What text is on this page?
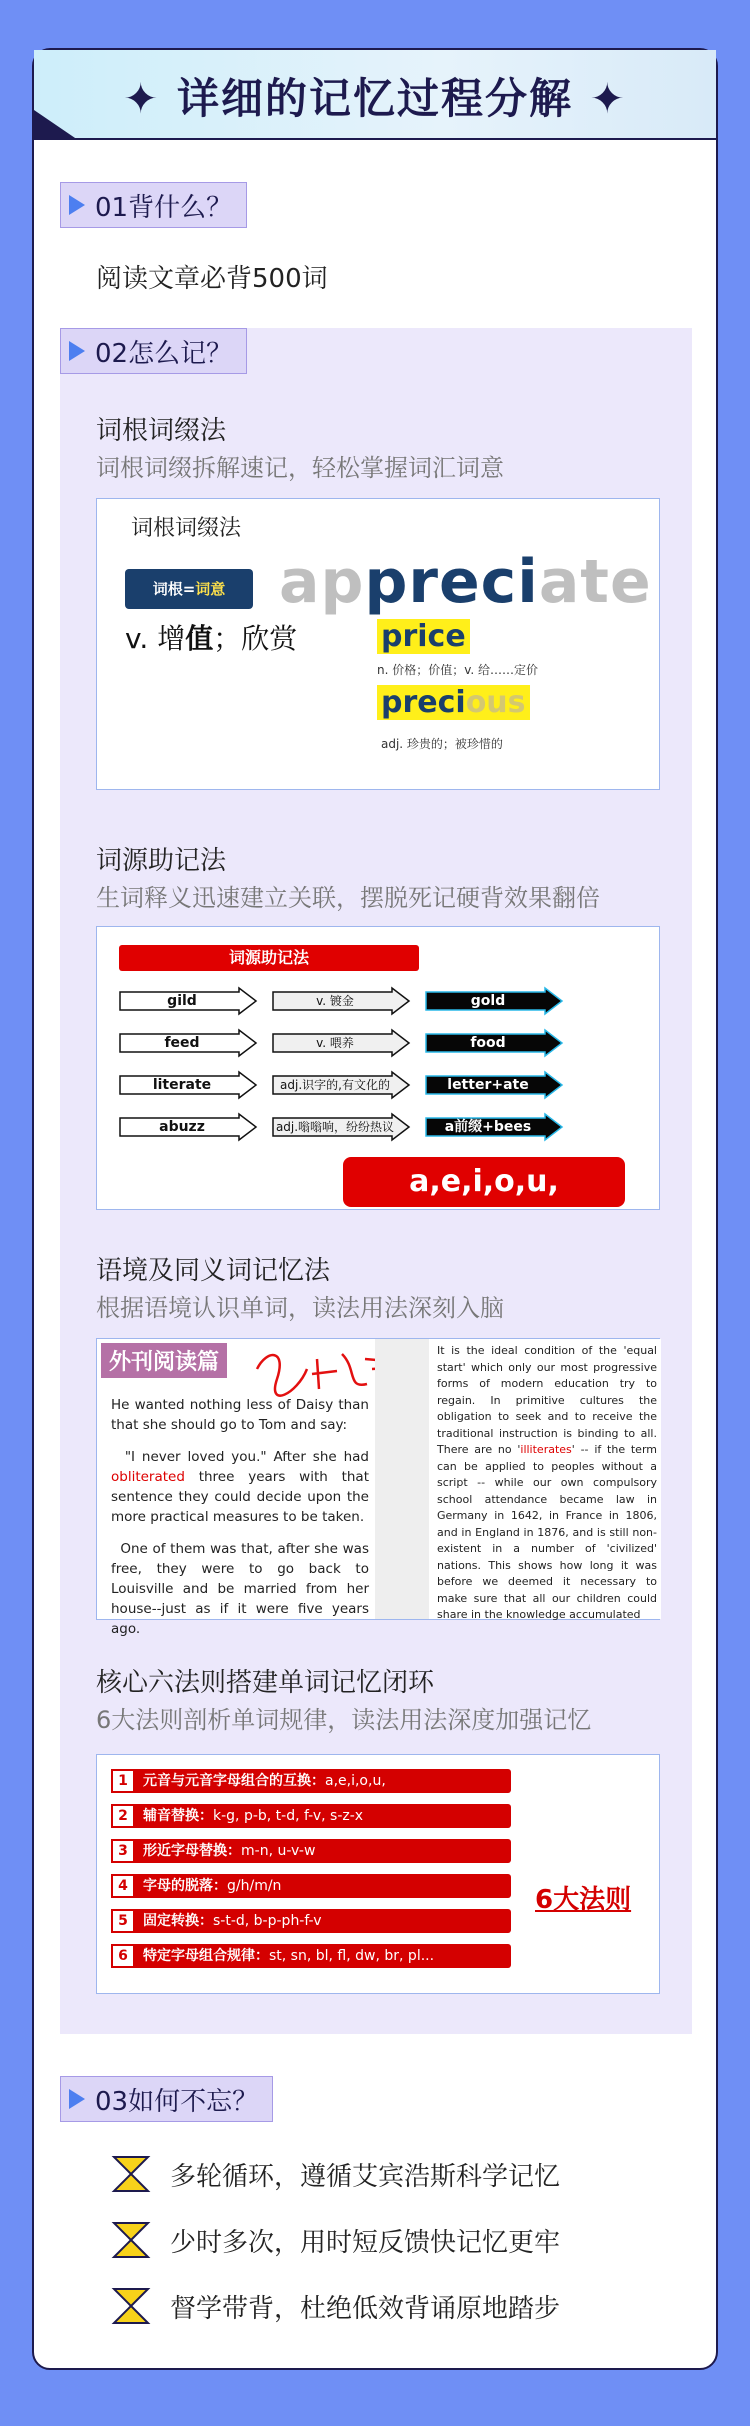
✦ 详细的记忆过程分解 ✦
01背什么？
阅读文章必背500词
02怎么记？
词根词缀法
词根词缀拆解速记，轻松掌握词汇词意
词根词缀法
词根=词意 appreciate
v. 增值；欣赏	price
n. 价格；价值；v. 给……定价
precious
adj. 珍贵的；被珍惜的
词源助记法
生词释义迅速建立关联，摆脱死记硬背效果翻倍
词源助记法
gild	v. 镀金	gold
feed	v. 喂养	food
literate	adj.识字的,有文化的	letter+ate
abuzz	adj.嗡嗡响，纷纷热议	a前缀+bees
a,e,i,o,u,
语境及同义词记忆法
根据语境认识单词，读法用法深刻入脑
外刊阅读篇

He wanted nothing less of Daisy than that she should go to Tom and say:

"I never loved you." After she had obliterated three years with that sentence they could decide upon the more practical measures to be taken.

One of them was that, after she was free, they were to go back to Louisville and be married from her house--just as if it were five years ago.

It is the ideal condition of the 'equal start' which only our most progressive forms of modern education try to regain. In primitive cultures the obligation to seek and to receive the traditional instruction is binding to all. There are no 'illiterates' -- if the term can be applied to peoples without a script -- while our own compulsory school attendance became law in Germany in 1642, in France in 1806, and in England in 1876, and is still non-existent in a number of 'civilized' nations. This shows how long it was before we deemed it necessary to make sure that all our children could share in the knowledge accumulated
核心六法则搭建单词记忆闭环
6大法则剖析单词规律，读法用法深度加强记忆
1	元音与元音字母组合的互换：a,e,i,o,u,
2	辅音替换：k-g, p-b, t-d, f-v, s-z-x
3	形近字母替换：m-n, u-v-w
4	字母的脱落：g/h/m/n
5	固定转换：s-t-d, b-p-ph-f-v
6	特定字母组合规律：st, sn, bl, fl, dw, br, pl...
6大法则
03如何不忘？
多轮循环，遵循艾宾浩斯科学记忆
少时多次，用时短反馈快记忆更牢
督学带背，杜绝低效背诵原地踏步
